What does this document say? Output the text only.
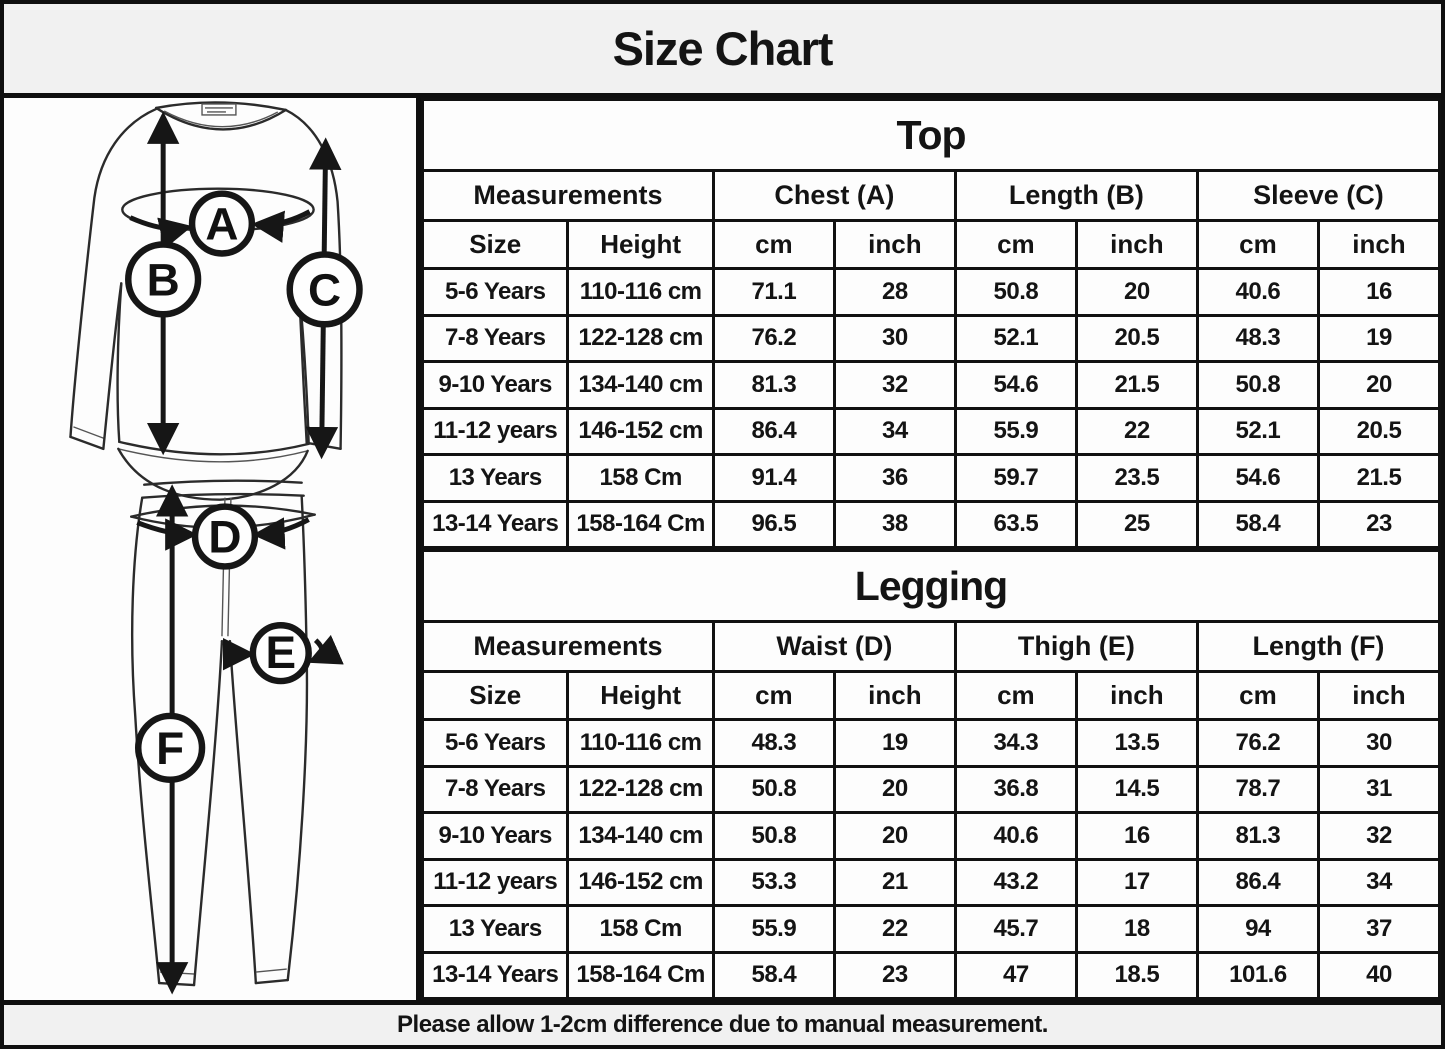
Size Chart
A
B	C
D
E
F
Top							
Measurements		Chest (A)		Length (B)		Sleeve (C)	
Size	Height	cm	inch	cm	inch	cm	inch
5-6 Years	110-116 cm	71.1	28	50.8	20	40.6	16
7-8 Years	122-128 cm	76.2	30	52.1	20.5	48.3	19
9-10 Years	134-140 cm	81.3	32	54.6	21.5	50.8	20
11-12 years	146-152 cm	86.4	34	55.9	22	52.1	20.5
13 Years	158 Cm	91.4	36	59.7	23.5	54.6	21.5
13-14 Years	158-164 Cm	96.5	38	63.5	25	58.4	23
Legging							
Measurements		Waist (D)		Thigh (E)		Length (F)	
Size	Height	cm	inch	cm	inch	cm	inch
5-6 Years	110-116 cm	48.3	19	34.3	13.5	76.2	30
7-8 Years	122-128 cm	50.8	20	36.8	14.5	78.7	31
9-10 Years	134-140 cm	50.8	20	40.6	16	81.3	32
11-12 years	146-152 cm	53.3	21	43.2	17	86.4	34
13 Years	158 Cm	55.9	22	45.7	18	94	37
13-14 Years	158-164 Cm	58.4	23	47	18.5	101.6	40
Please allow 1-2cm difference due to manual measurement.
